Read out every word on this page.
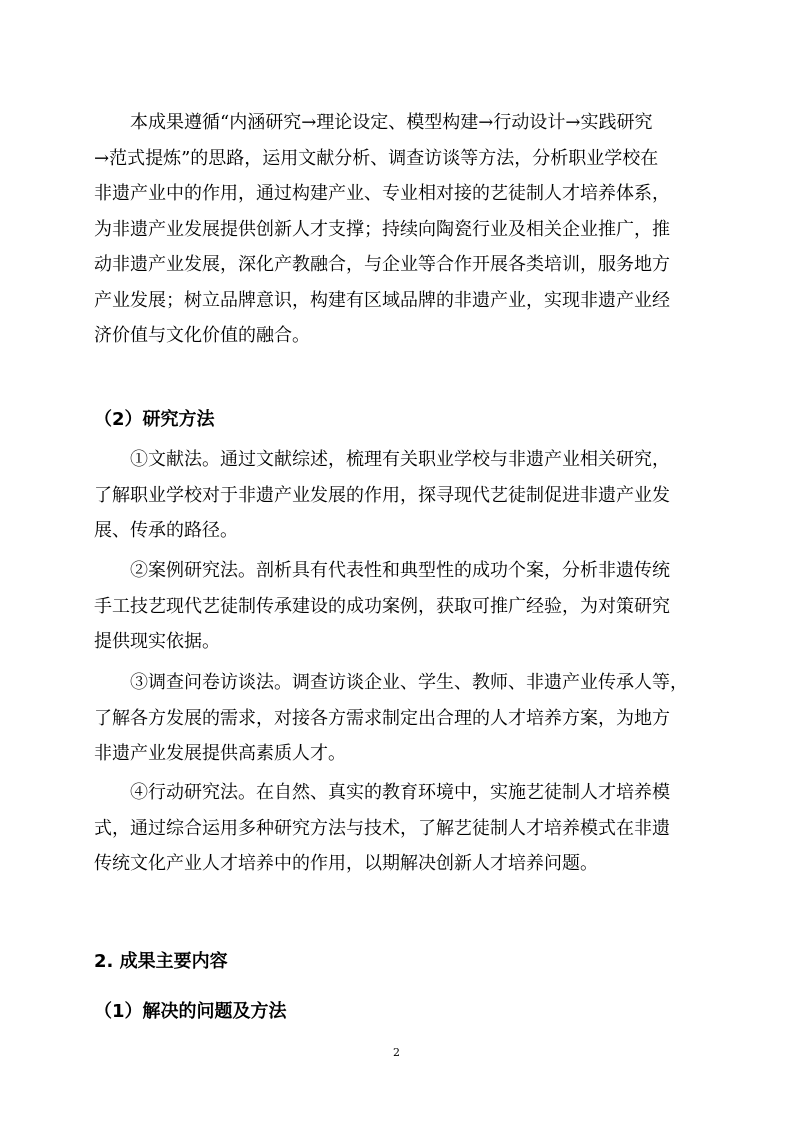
本成果遵循“内涵研究→理论设定、模型构建→行动设计→实践研究
→范式提炼”的思路，运用文献分析、调查访谈等方法，分析职业学校在
非遗产业中的作用，通过构建产业、专业相对接的艺徒制人才培养体系，
为非遗产业发展提供创新人才支撑；持续向陶瓷行业及相关企业推广，推
动非遗产业发展，深化产教融合，与企业等合作开展各类培训，服务地方
产业发展；树立品牌意识，构建有区域品牌的非遗产业，实现非遗产业经
济价值与文化价值的融合。
（2）研究方法
①文献法。通过文献综述，梳理有关职业学校与非遗产业相关研究，
了解职业学校对于非遗产业发展的作用，探寻现代艺徒制促进非遗产业发
展、传承的路径。
②案例研究法。剖析具有代表性和典型性的成功个案，分析非遗传统
手工技艺现代艺徒制传承建设的成功案例，获取可推广经验，为对策研究
提供现实依据。
③调查问卷访谈法。调查访谈企业、学生、教师、非遗产业传承人等，
了解各方发展的需求，对接各方需求制定出合理的人才培养方案，为地方
非遗产业发展提供高素质人才。
④行动研究法。在自然、真实的教育环境中，实施艺徒制人才培养模
式，通过综合运用多种研究方法与技术，了解艺徒制人才培养模式在非遗
传统文化产业人才培养中的作用，以期解决创新人才培养问题。
2. 成果主要内容
（1）解决的问题及方法
2
